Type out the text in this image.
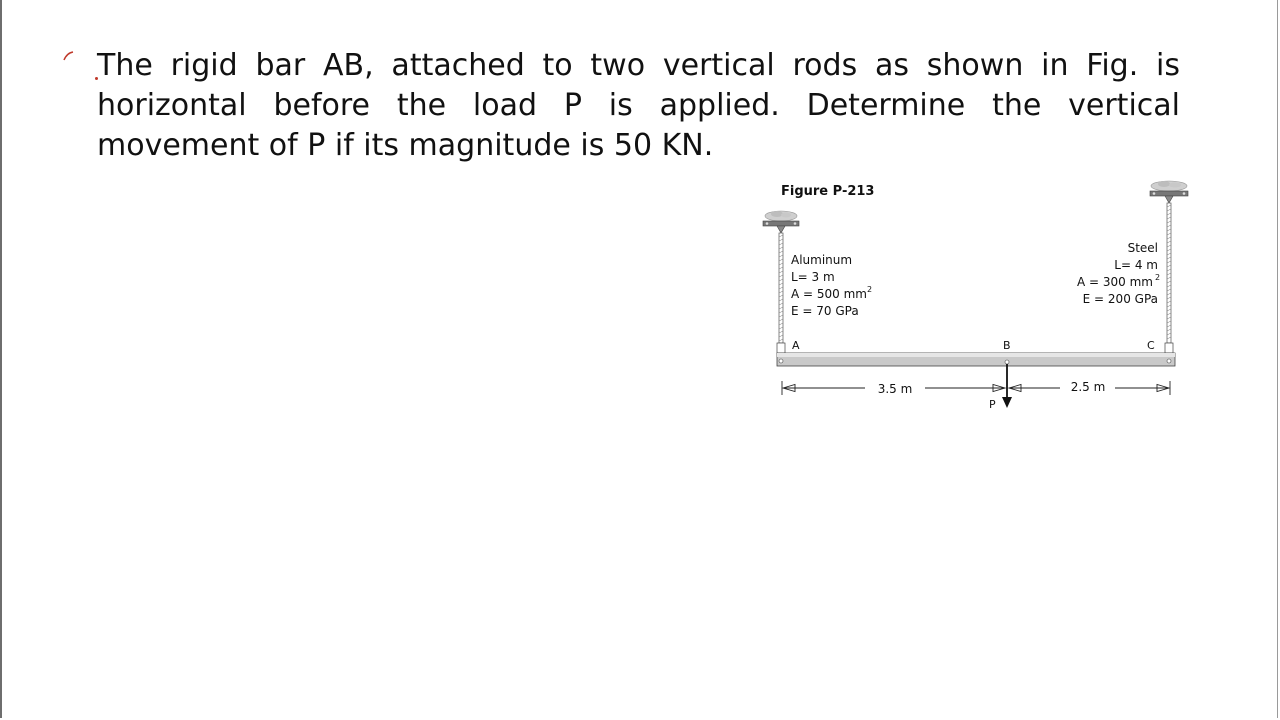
The rigid bar AB, attached to two vertical rods as shown in Fig. is horizontal before the load P is applied. Determine the vertical movement of P if its magnitude is 50 KN.

Figure P-213
Aluminum
L= 3 m
A = 500 mm 2
E = 70 GPa
Steel
L= 4 m
A = 300 mm 2
E = 200 GPa
A	B	C
3.5 m	2.5 m
P
